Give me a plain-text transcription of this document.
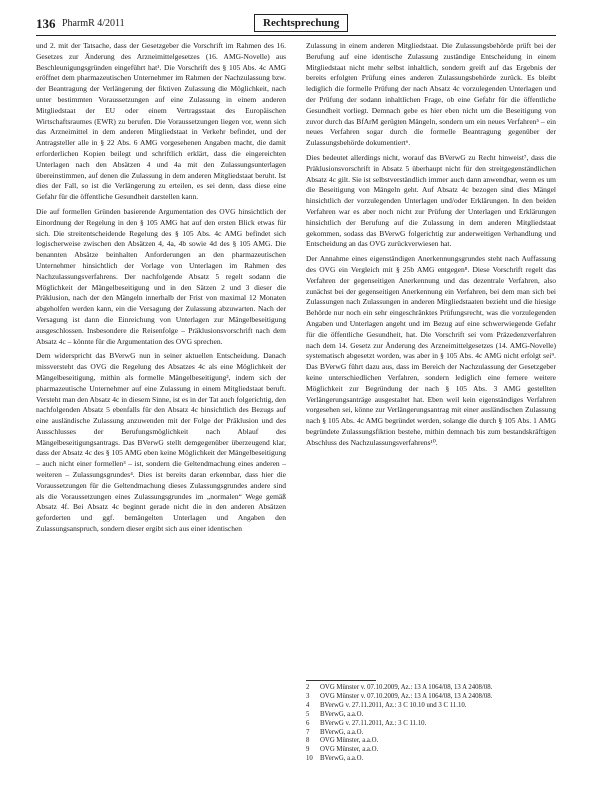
136 PharmR 4/2011	Rechtsprechung

und 2. mit der Tatsache, dass der Gesetzgeber die Vorschrift im Rahmen des 16. Gesetzes zur Änderung des Arzneimittelgesetzes (16. AMG-Novelle) aus Beschleunigungsgründen eingeführt hat¹. Die Vorschrift des § 105 Abs. 4c AMG eröffnet dem pharmazeutischen Unternehmer im Rahmen der Nachzulassung bzw. der Beantragung der Verlängerung der fiktiven Zulassung die Möglichkeit, nach unter bestimmten Voraussetzungen auf eine Zulassung in einem anderen Mitgliedstaat der EU oder einem Vertragsstaat des Europäischen Wirtschaftsraumes (EWR) zu berufen. Die Voraussetzungen liegen vor, wenn sich das Arzneimittel in dem anderen Mitgliedstaat in Verkehr befindet, und der Antragsteller alle in § 22 Abs. 6 AMG vorgesehenen Angaben macht, die damit erforderlichen Kopien beilegt und schriftlich erklärt, dass die eingereichten Unterlagen nach den Absätzen 4 und 4a mit den Zulassungsunterlagen übereinstimmen, auf denen die Zulassung in dem anderen Mitgliedstaat beruht. Ist dies der Fall, so ist die Verlängerung zu erteilen, es sei denn, dass diese eine Gefahr für die öffentliche Gesundheit darstellen kann.

Die auf formellen Gründen basierende Argumentation des OVG hinsichtlich der Einordnung der Regelung in den § 105 AMG hat auf den ersten Blick etwas für sich. Die streitentscheidende Regelung des § 105 Abs. 4c AMG befindet sich logischerweise zwischen den Absätzen 4, 4a, 4b sowie 4d des § 105 AMG. Die benannten Absätze beinhalten Anforderungen an den pharmazeutischen Unternehmer hinsichtlich der Vorlage von Unterlagen im Rahmen des Nachzulassungsverfahrens. Der nachfolgende Absatz 5 regelt sodann die Möglichkeit der Mängelbeseitigung und in den Sätzen 2 und 3 dieser die Präklusion, nach der den Mängeln innerhalb der Frist von maximal 12 Monaten abgeholfen werden kann, ein die Versagung der Zulassung abzuwarten. Nach der Versagung ist dann die Einreichung von Unterlagen zur Mängelbeseitigung ausgeschlossen. Insbesondere die Reisenfolge – Präklusionsvorschrift nach dem Absatz 4c – könnte für die Argumentation des OVG sprechen.

Dem widerspricht das BVerwG nun in seiner aktuellen Entscheidung. Danach missversteht das OVG die Regelung des Absatzes 4c als eine Möglichkeit der Mängelbeseitigung, mithin als formelle Mängelbeseitigung², indem sich der pharmazeutische Unternehmer auf eine Zulassung in einem Mitgliedstaat beruft. Versteht man den Absatz 4c in diesem Sinne, ist es in der Tat auch folgerichtig, den nachfolgenden Absatz 5 ebenfalls für den Absatz 4c hinsichtlich des Bezugs auf eine ausländische Zulassung anzuwenden mit der Folge der Präklusion und des Ausschlusses der Berufungsmöglichkeit nach Ablauf des Mängelbeseitigungsantrags. Das BVerwG stellt demgegenüber überzeugend klar, dass der Absatz 4c des § 105 AMG eben keine Möglichkeit der Mängelbeseitigung – auch nicht einer formellen³ – ist, sondern die Geltendmachung eines anderen – weiteren – Zulassungsgrundes⁴. Dies ist bereits daran erkennbar, dass hier die Voraussetzungen für die Geltendmachung dieses Zulassungsgrundes andere sind als die Voraussetzungen eines Zulassungsgrundes im „normalen“ Wege gemäß Absatz 4f. Bei Absatz 4c beginnt gerade nicht die in den anderen Absätzen geforderten und ggf. bemängelten Unterlagen und Angaben den Zulassungsanspruch, sondern dieser ergibt sich aus einer identischen

Zulassung in einem anderen Mitgliedstaat. Die Zulassungsbehörde prüft bei der Berufung auf eine identische Zulassung zuständige Entscheidung in einem Mitgliedstaat nicht mehr selbst inhaltlich, sondern greift auf das Ergebnis der bereits erfolgten Prüfung eines anderen Zulassungsbehörde zurück. Es bleibt lediglich die formelle Prüfung der nach Absatz 4c vorzulegenden Unterlagen und der Prüfung der sodann inhaltlichen Frage, ob eine Gefahr für die öffentliche Gesundheit vorliegt. Demnach gebe es hier eben nicht um die Beseitigung von zuvor durch das BfArM gerügten Mängeln, sondern um ein neues Verfahren⁵ – ein neues Verfahren sogar durch die formelle Beantragung gegenüber der Zulassungsbehörde dokumentiert⁶.

Dies bedeutet allerdings nicht, worauf das BVerwG zu Recht hinweist⁷, dass die Präklusionsvorschrift in Absatz 5 überhaupt nicht für den streitgegenständlichen Absatz 4c gilt. Sie ist selbstverständlich immer auch dann anwendbar, wenn es um die Beseitigung von Mängeln geht. Auf Absatz 4c bezogen sind dies Mängel hinsichtlich der vorzulegenden Unterlagen und/oder Erklärungen. In den beiden Verfahren war es aber noch nicht zur Prüfung der Unterlagen und Erklärungen hinsichtlich der Berufung auf die Zulassung in dem anderen Mitgliedstaat gekommen, sodass das BVerwG folgerichtig zur anderweitigen Verhandlung und Entscheidung an das OVG zurückverwiesen hat.

Der Annahme eines eigenständigen Anerkennungsgrundes steht nach Auffassung des OVG ein Vergleich mit § 25b AMG entgegen⁸. Diese Vorschrift regelt das Verfahren der gegenseitigen Anerkennung und das dezentrale Verfahren, also zunächst bei der gegenseitigen Anerkennung ein Verfahren, bei dem man sich bei Zulassungen nach Zulassungen in anderen Mitgliedstaaten bezieht und die hiesige Behörde nur noch ein sehr eingeschränktes Prüfungsrecht, was die vorzulegenden Angaben und Unterlagen angeht und im Bezug auf eine schwerwiegende Gefahr für die öffentliche Gesundheit, hat. Die Vorschrift sei vom Präzedenzverfahren nach dem 14. Gesetz zur Änderung des Arzneimittelgesetzes (14. AMG-Novelle) systematisch abgesetzt worden, was aber in § 105 Abs. 4c AMG nicht erfolgt sei⁹. Das BVerwG führt dazu aus, dass im Bereich der Nachzulassung der Gesetzgeber keine unterschiedlichen Verfahren, sondern lediglich eine fernere weitere Möglichkeit zur Begründung der nach § 105 Abs. 3 AMG gestellten Verlängerungsanträge ausgestaltet hat. Eben weil kein eigenständiges Verfahren vorgesehen sei, könne zur Verlängerungsantrag mit einer ausländischen Zulassung nach § 105 Abs. 4c AMG begründet werden, solange die durch § 105 Abs. 1 AMG begründete Zulassungsfiktion bestehe, mithin demnach bis zum bestandskräftigen Abschluss des Nachzulassungsverfahrens¹⁰.

2	OVG Münster v. 07.10.2009, Az.: 13 A 1064/08, 13 A 2408/08.
3	OVG Münster v. 07.10.2009, Az.: 13 A 1064/08, 13 A 2408/08.
4	BVerwG v. 27.11.2011, Az.: 3 C 10.10 und 3 C 11.10.
5	BVerwG, a.a.O.
6	BVerwG v. 27.11.2011, Az.: 3 C 11.10.
7	BVerwG, a.a.O.
8	OVG Münster, a.a.O.
9	OVG Münster, a.a.O.
10	BVerwG, a.a.O.
